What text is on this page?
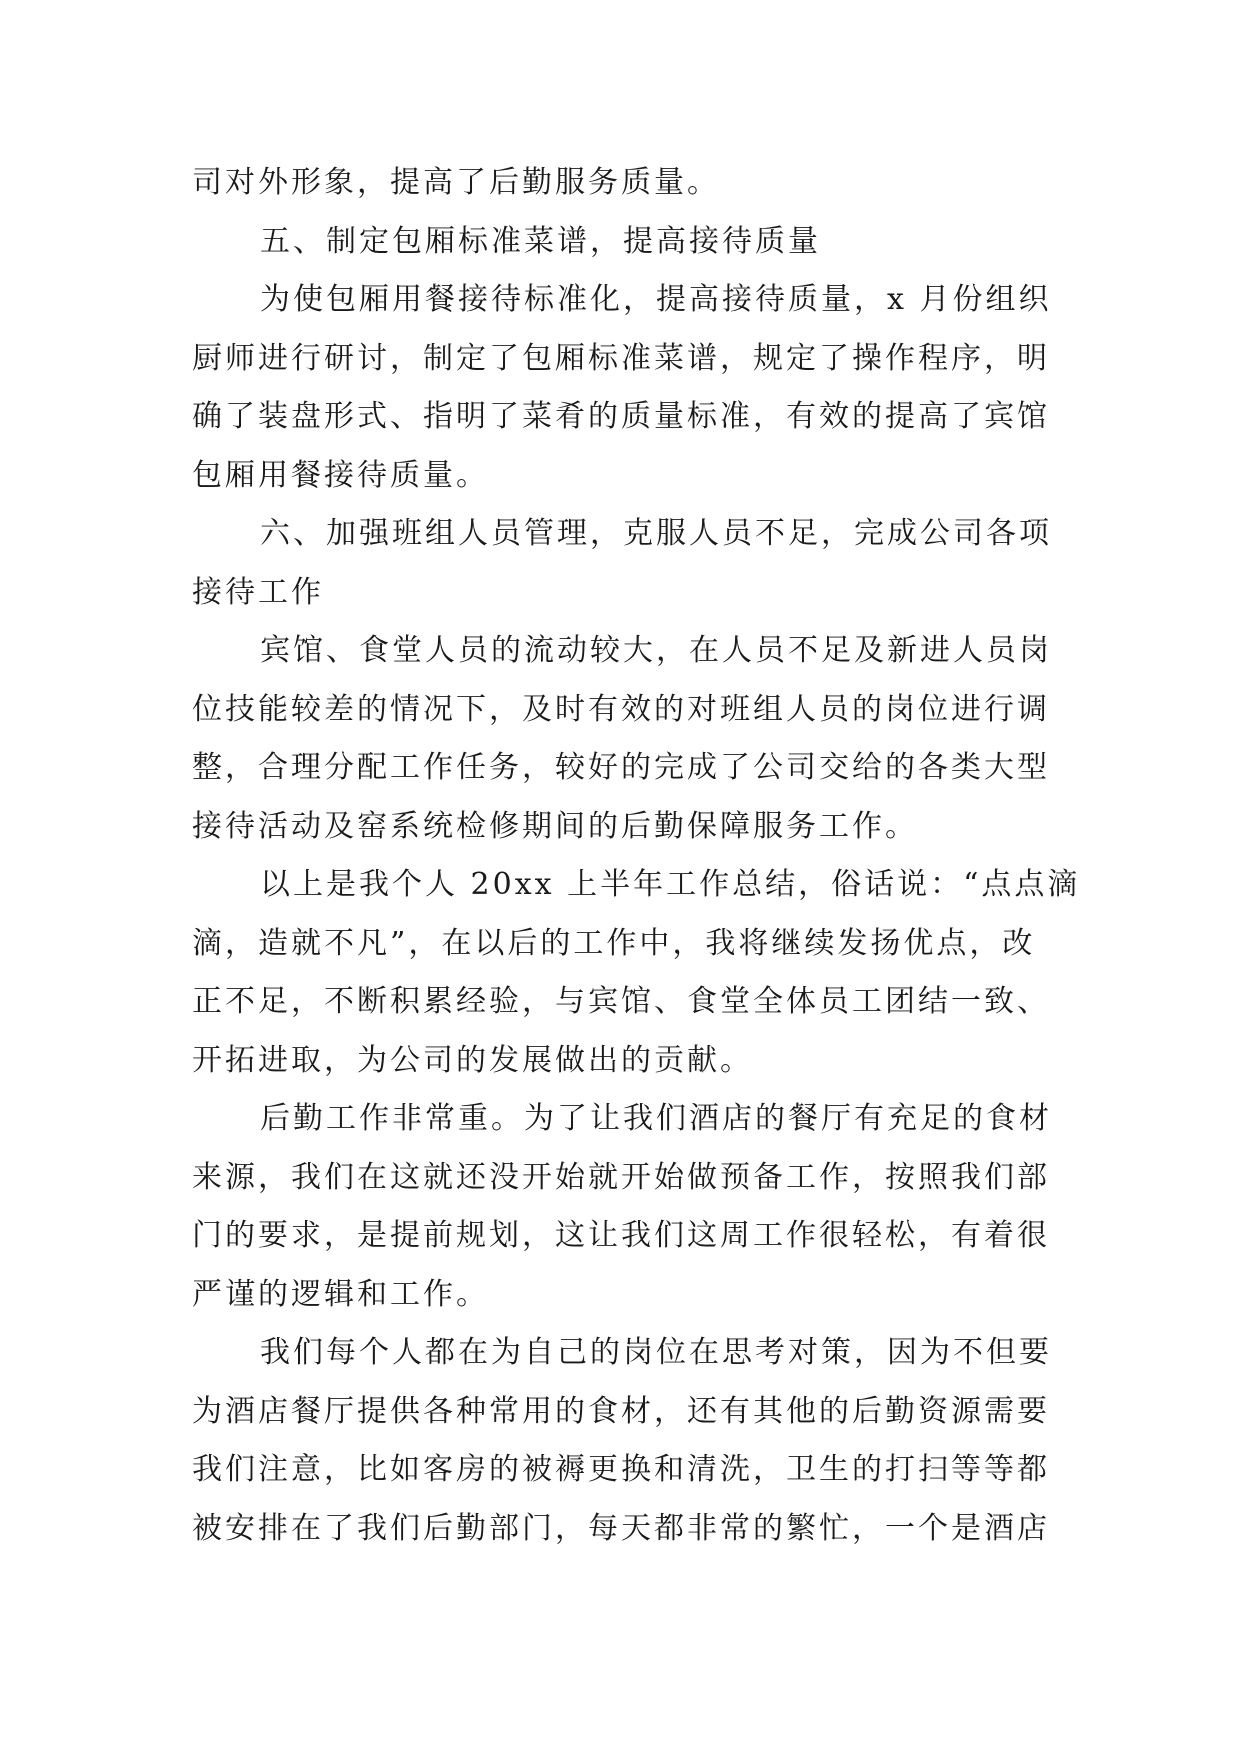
司对外形象，提高了后勤服务质量。
五、制定包厢标准菜谱，提高接待质量
为使包厢用餐接待标准化，提高接待质量，x 月份组织
厨师进行研讨，制定了包厢标准菜谱，规定了操作程序，明
确了装盘形式、指明了菜肴的质量标准，有效的提高了宾馆
包厢用餐接待质量。
六、加强班组人员管理，克服人员不足，完成公司各项
接待工作
宾馆、食堂人员的流动较大，在人员不足及新进人员岗
位技能较差的情况下，及时有效的对班组人员的岗位进行调
整，合理分配工作任务，较好的完成了公司交给的各类大型
接待活动及窑系统检修期间的后勤保障服务工作。
以上是我个人 20xx 上半年工作总结，俗话说：“点点滴
滴，造就不凡”，在以后的工作中，我将继续发扬优点，改
正不足，不断积累经验，与宾馆、食堂全体员工团结一致、
开拓进取，为公司的发展做出的贡献。
后勤工作非常重。为了让我们酒店的餐厅有充足的食材
来源，我们在这就还没开始就开始做预备工作，按照我们部
门的要求，是提前规划，这让我们这周工作很轻松，有着很
严谨的逻辑和工作。
我们每个人都在为自己的岗位在思考对策，因为不但要
为酒店餐厅提供各种常用的食材，还有其他的后勤资源需要
我们注意，比如客房的被褥更换和清洗，卫生的打扫等等都
被安排在了我们后勤部门，每天都非常的繁忙，一个是酒店
